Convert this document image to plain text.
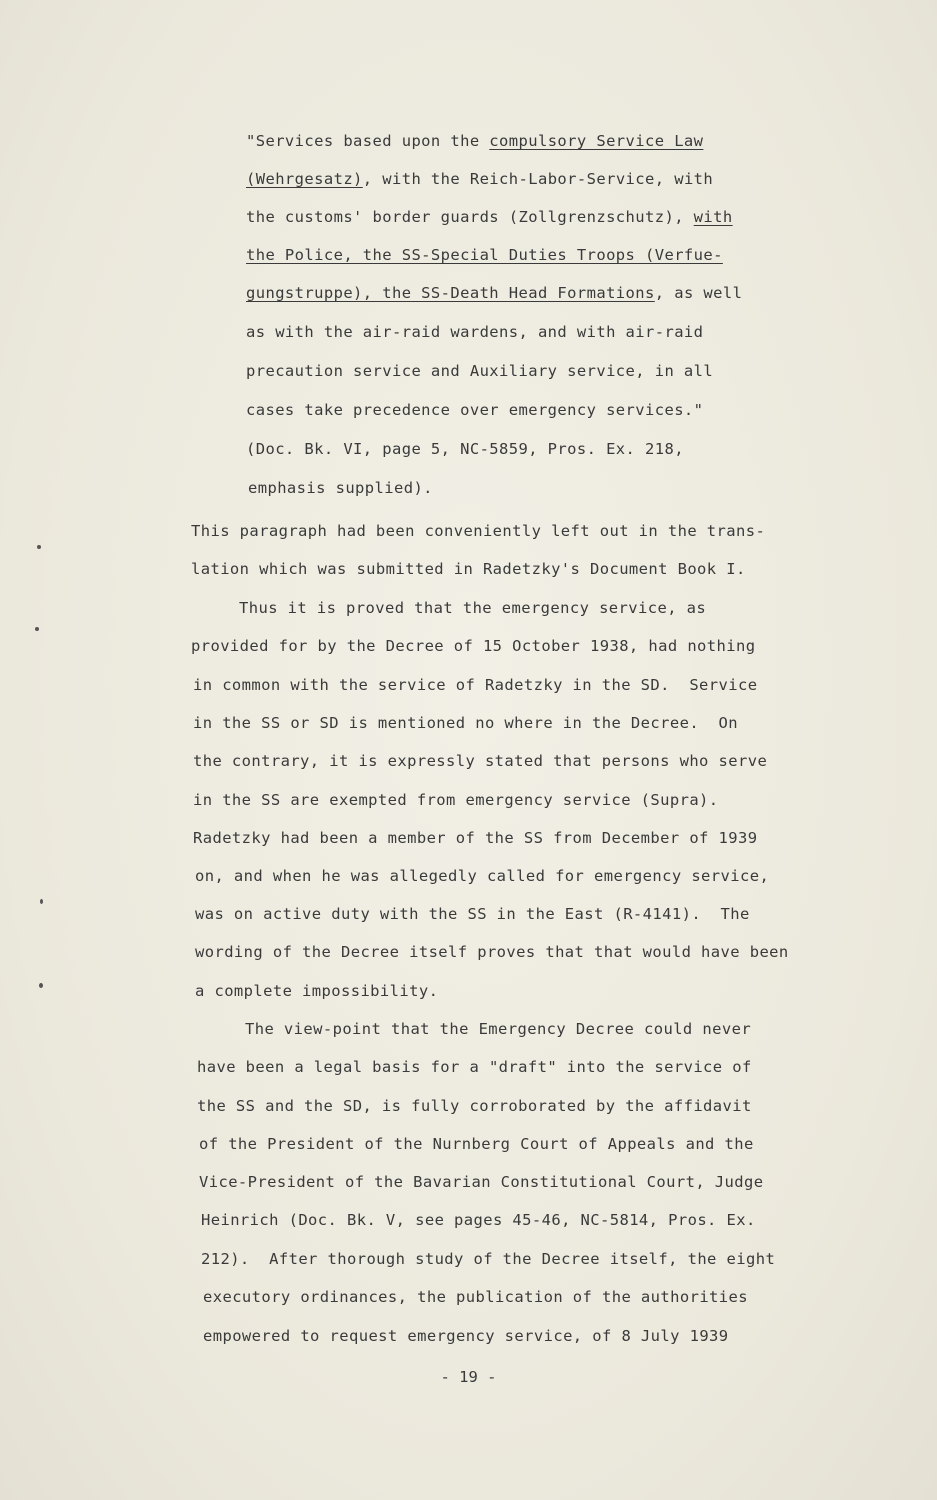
"Services based upon the compulsory Service Law
(Wehrgesatz), with the Reich-Labor-Service, with
the customs' border guards (Zollgrenzschutz), with
the Police, the SS-Special Duties Troops (Verfue-
gungstruppe), the SS-Death Head Formations, as well
as with the air-raid wardens, and with air-raid
precaution service and Auxiliary service, in all
cases take precedence over emergency services."
(Doc. Bk. VI, page 5, NC-5859, Pros. Ex. 218,
emphasis supplied).
This paragraph had been conveniently left out in the trans-
lation which was submitted in Radetzky's Document Book I.
Thus it is proved that the emergency service, as
provided for by the Decree of 15 October 1938, had nothing
in common with the service of Radetzky in the SD.  Service
in the SS or SD is mentioned no where in the Decree.  On
the contrary, it is expressly stated that persons who serve
in the SS are exempted from emergency service (Supra).
Radetzky had been a member of the SS from December of 1939
on, and when he was allegedly called for emergency service,
was on active duty with the SS in the East (R-4141).  The
wording of the Decree itself proves that that would have been
a complete impossibility.
The view-point that the Emergency Decree could never
have been a legal basis for a "draft" into the service of
the SS and the SD, is fully corroborated by the affidavit
of the President of the Nurnberg Court of Appeals and the
Vice-President of the Bavarian Constitutional Court, Judge
Heinrich (Doc. Bk. V, see pages 45-46, NC-5814, Pros. Ex.
212).  After thorough study of the Decree itself, the eight
executory ordinances, the publication of the authorities
empowered to request emergency service, of 8 July 1939
- 19 -
